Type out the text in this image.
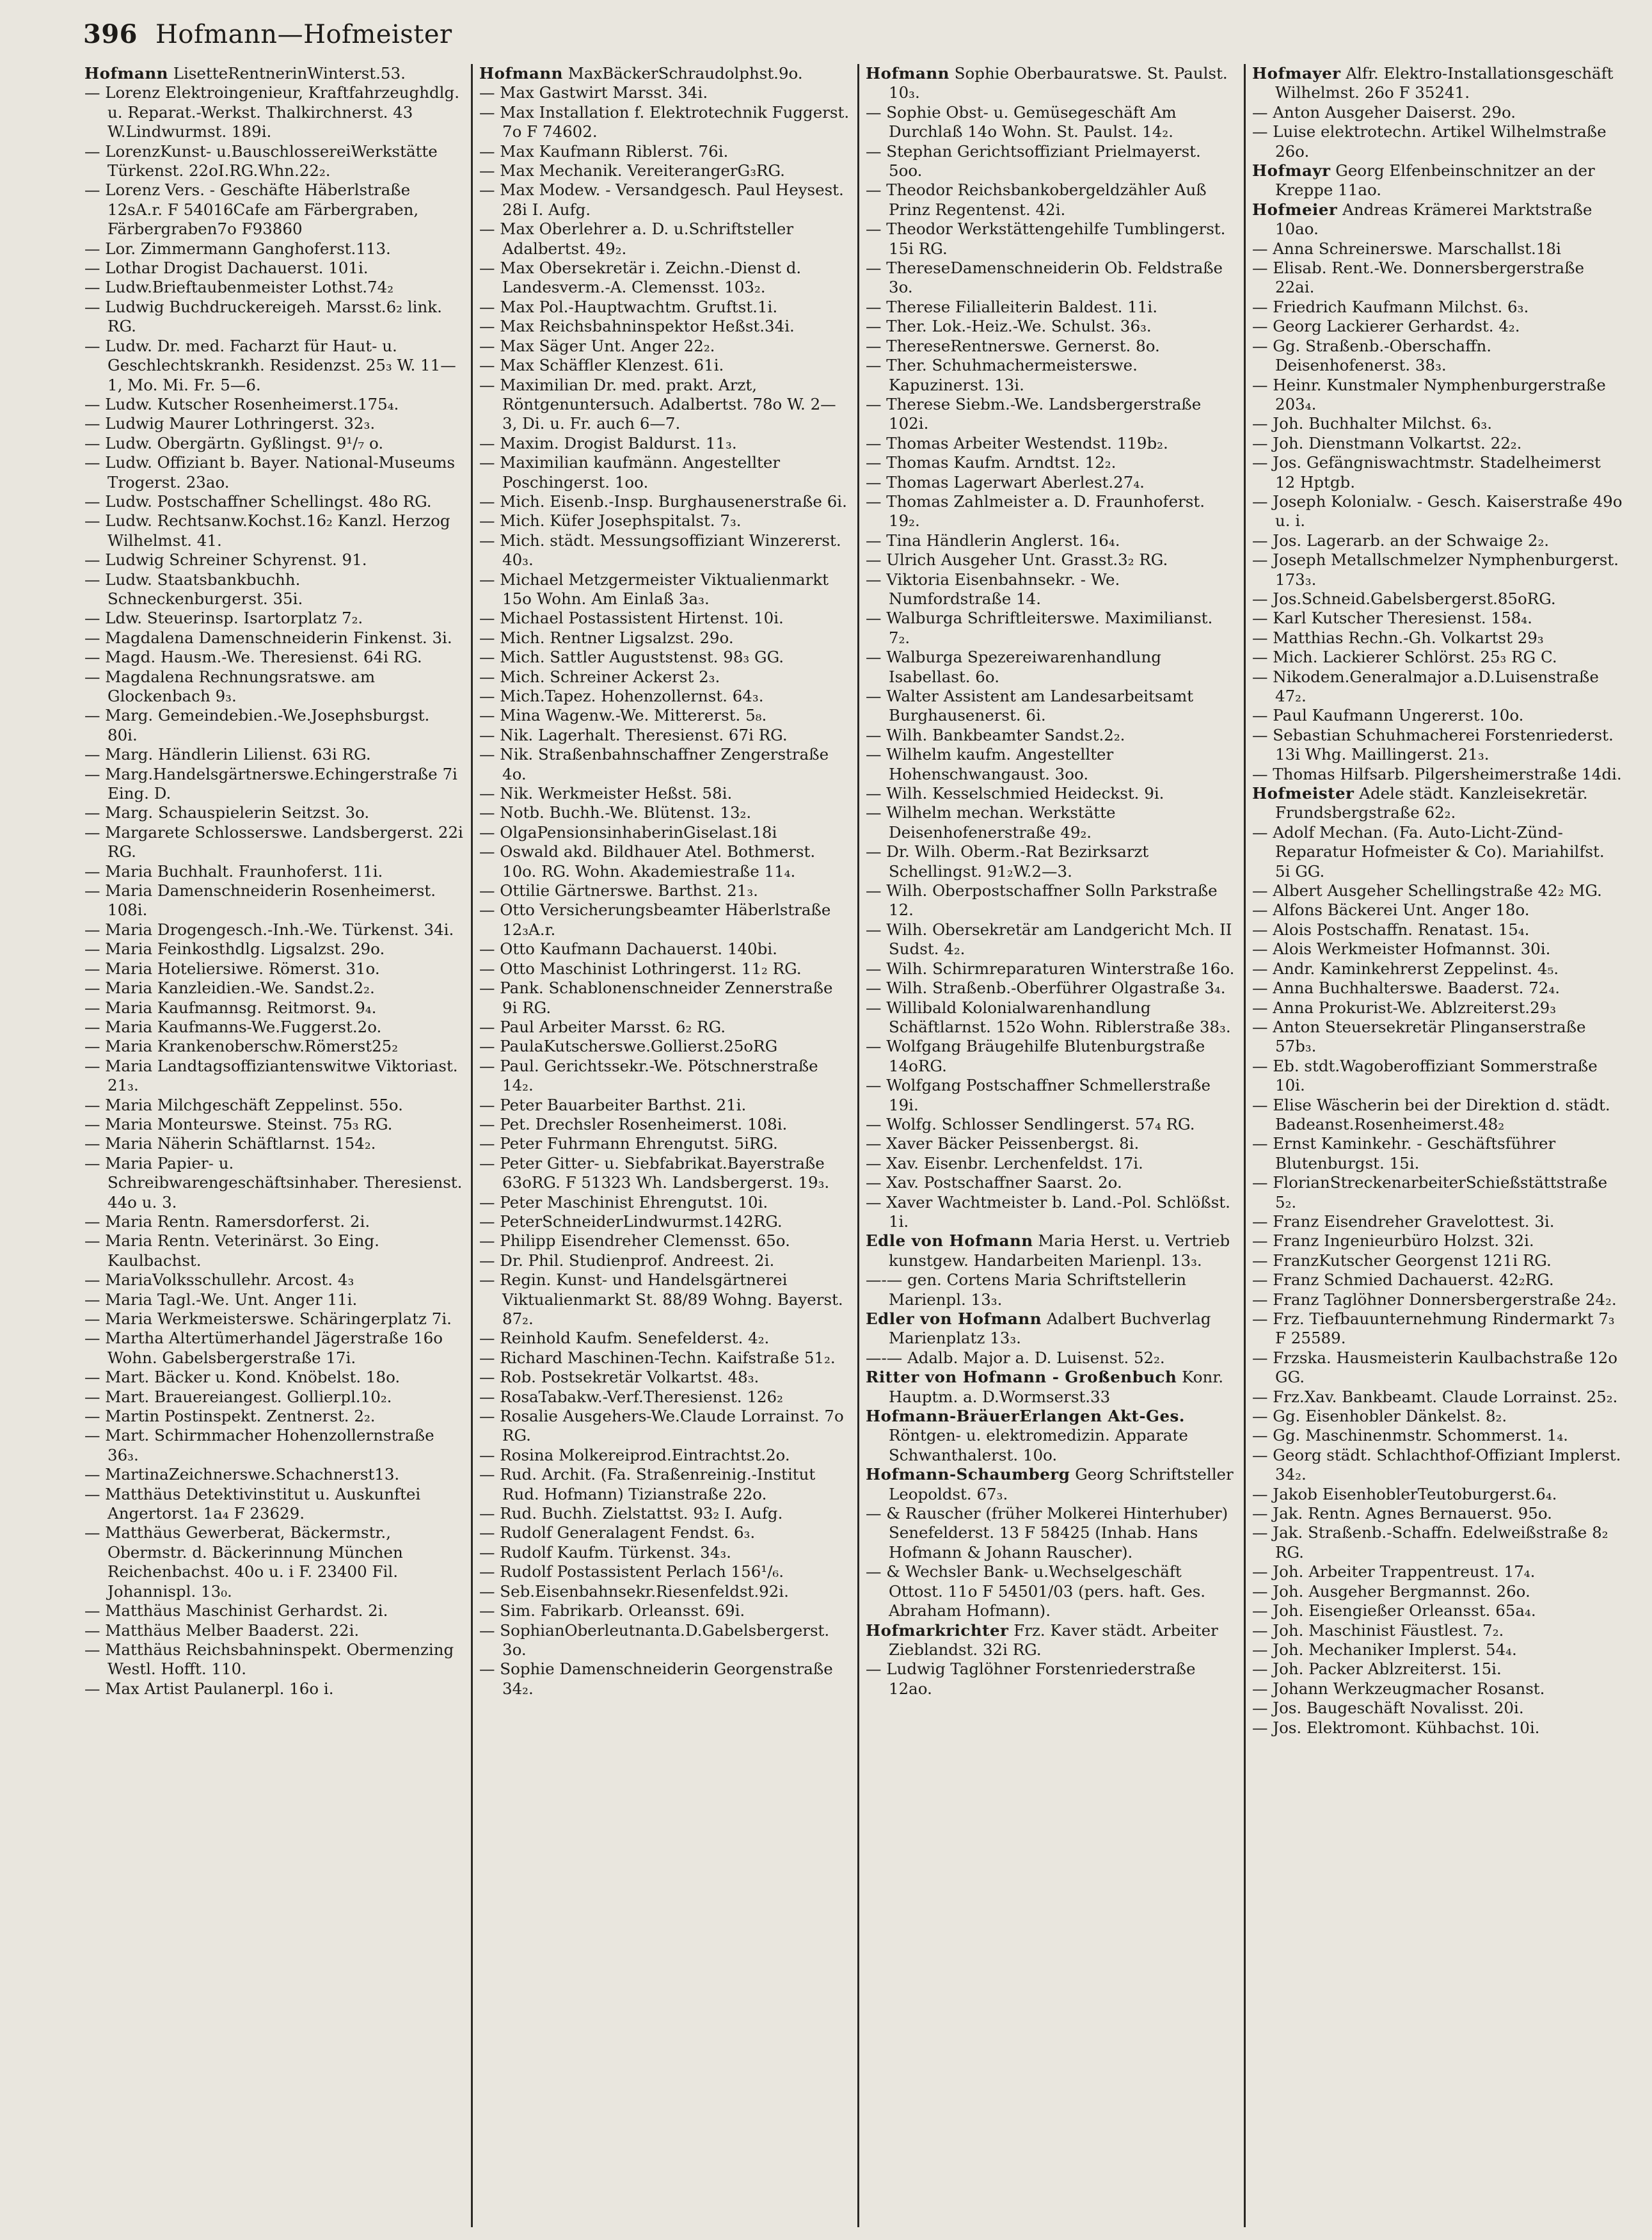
396 Hofmann—Hofmeister

Hofmann LisetteRentnerinWinterst.53.

— Lorenz Elektroingenieur, Kraftfahrzeughdlg. u. Reparat.-Werkst. Thalkirchnerst. 43 W.Lindwurmst. 189i.

— LorenzKunst- u.BauschlossereiWerkstätte Türkenst. 22oI.RG.Whn.22₂.

— Lorenz Vers. - Geschäfte Häberlstraße 12sA.r. F 54016Cafe am Färbergraben, Färbergraben7o F93860

— Lor. Zimmermann Ganghoferst.113.

— Lothar Drogist Dachauerst. 101i.

— Ludw.Brieftaubenmeister Lothst.74₂

— Ludwig Buchdruckereigeh. Marsst.6₂ link. RG.

— Ludw. Dr. med. Facharzt für Haut- u. Geschlechtskrankh. Residenzst. 25₃ W. 11—1, Mo. Mi. Fr. 5—6.

— Ludw. Kutscher Rosenheimerst.175₄.

— Ludwig Maurer Lothringerst. 32₃.

— Ludw. Obergärtn. Gyßlingst. 9¹/₇ o.

— Ludw. Offiziant b. Bayer. National-Museums Trogerst. 23ao.

— Ludw. Postschaffner Schellingst. 48o RG.

— Ludw. Rechtsanw.Kochst.16₂ Kanzl. Herzog Wilhelmst. 41.

— Ludwig Schreiner Schyrenst. 91.

— Ludw. Staatsbankbuchh. Schneckenburgerst. 35i.

— Ldw. Steuerinsp. Isartorplatz 7₂.

— Magdalena Damenschneiderin Finkenst. 3i.

— Magd. Hausm.-We. Theresienst. 64i RG.

— Magdalena Rechnungsratswe. am Glockenbach 9₃.

— Marg. Gemeindebien.-We.Josephsburgst. 80i.

— Marg. Händlerin Lilienst. 63i RG.

— Marg.Handelsgärtnerswe.Echingerstraße 7i Eing. D.

— Marg. Schauspielerin Seitzst. 3o.

— Margarete Schlosserswe. Landsbergerst. 22i RG.

— Maria Buchhalt. Fraunhoferst. 11i.

— Maria Damenschneiderin Rosenheimerst. 108i.

— Maria Drogengesch.-Inh.-We. Türkenst. 34i.

— Maria Feinkosthdlg. Ligsalzst. 29o.

— Maria Hoteliersiwe. Römerst. 31o.

— Maria Kanzleidien.-We. Sandst.2₂.

— Maria Kaufmannsg. Reitmorst. 9₄.

— Maria Kaufmanns-We.Fuggerst.2o.

— Maria Krankenoberschw.Römerst25₂

— Maria Landtagsoffiziantenswitwe Viktoriast. 21₃.

— Maria Milchgeschäft Zeppelinst. 55o.

— Maria Monteurswe. Steinst. 75₃ RG.

— Maria Näherin Schäftlarnst. 154₂.

— Maria Papier- u. Schreibwarengeschäftsinhaber. Theresienst. 44o u. 3.

— Maria Rentn. Ramersdorferst. 2i.

— Maria Rentn. Veterinärst. 3o Eing. Kaulbachst.

— MariaVolksschullehr. Arcost. 4₃

— Maria Tagl.-We. Unt. Anger 11i.

— Maria Werkmeisterswe. Schäringerplatz 7i.

— Martha Altertümerhandel Jägerstraße 16o Wohn. Gabelsbergerstraße 17i.

— Mart. Bäcker u. Kond. Knöbelst. 18o.

— Mart. Brauereiangest. Gollierpl.10₂.

— Martin Postinspekt. Zentnerst. 2₂.

— Mart. Schirmmacher Hohenzollernstraße 36₃.

— MartinaZeichnerswe.Schachnerst13.

— Matthäus Detektivinstitut u. Auskunftei Angertorst. 1a₄ F 23629.

— Matthäus Gewerberat, Bäckermstr., Obermstr. d. Bäckerinnung München Reichenbachst. 40o u. i F. 23400 Fil. Johannispl. 13₀.

— Matthäus Maschinist Gerhardst. 2i.

— Matthäus Melber Baaderst. 22i.

— Matthäus Reichsbahninspekt. Obermenzing Westl. Hofft. 110.

— Max Artist Paulanerpl. 16o i.

Hofmann MaxBäckerSchraudolphst.9o.

— Max Gastwirt Marsst. 34i.

— Max Installation f. Elektrotechnik Fuggerst. 7o F 74602.

— Max Kaufmann Riblerst. 76i.

— Max Mechanik. VereiterangerG₃RG.

— Max Modew. - Versandgesch. Paul Heysest. 28i I. Aufg.

— Max Oberlehrer a. D. u.Schriftsteller Adalbertst. 49₂.

— Max Obersekretär i. Zeichn.-Dienst d. Landesverm.-A. Clemensst. 103₂.

— Max Pol.-Hauptwachtm. Gruftst.1i.

— Max Reichsbahninspektor Heßst.34i.

— Max Säger Unt. Anger 22₂.

— Max Schäffler Klenzest. 61i.

— Maximilian Dr. med. prakt. Arzt, Röntgenuntersuch. Adalbertst. 78o W. 2—3, Di. u. Fr. auch 6—7.

— Maxim. Drogist Baldurst. 11₃.

— Maximilian kaufmänn. Angestellter Poschingerst. 1oo.

— Mich. Eisenb.-Insp. Burghausenerstraße 6i.

— Mich. Küfer Josephspitalst. 7₃.

— Mich. städt. Messungsoffiziant Winzererst. 40₃.

— Michael Metzgermeister Viktualienmarkt 15o Wohn. Am Einlaß 3a₃.

— Michael Postassistent Hirtenst. 10i.

— Mich. Rentner Ligsalzst. 29o.

— Mich. Sattler Auguststenst. 98₃ GG.

— Mich. Schreiner Ackerst 2₃.

— Mich.Tapez. Hohenzollernst. 64₃.

— Mina Wagenw.-We. Mittererst. 5₈.

— Nik. Lagerhalt. Theresienst. 67i RG.

— Nik. Straßenbahnschaffner Zengerstraße 4o.

— Nik. Werkmeister Heßst. 58i.

— Notb. Buchh.-We. Blütenst. 13₂.

— OlgaPensionsinhaberinGiselast.18i

— Oswald akd. Bildhauer Atel. Bothmerst. 10o. RG. Wohn. Akademiestraße 11₄.

— Ottilie Gärtnerswe. Barthst. 21₃.

— Otto Versicherungsbeamter Häberlstraße 12₃A.r.

— Otto Kaufmann Dachauerst. 140bi.

— Otto Maschinist Lothringerst. 11₂ RG.

— Pank. Schablonenschneider Zennerstraße 9i RG.

— Paul Arbeiter Marsst. 6₂ RG.

— PaulaKutscherswe.Gollierst.25oRG

— Paul. Gerichtssekr.-We. Pötschnerstraße 14₂.

— Peter Bauarbeiter Barthst. 21i.

— Pet. Drechsler Rosenheimerst. 108i.

— Peter Fuhrmann Ehrengutst. 5iRG.

— Peter Gitter- u. Siebfabrikat.Bayerstraße 63oRG. F 51323 Wh. Landsbergerst. 19₃.

— Peter Maschinist Ehrengutst. 10i.

— PeterSchneiderLindwurmst.142RG.

— Philipp Eisendreher Clemensst. 65o.

— Dr. Phil. Studienprof. Andreest. 2i.

— Regin. Kunst- und Handelsgärtnerei Viktualienmarkt St. 88/89 Wohng. Bayerst. 87₂.

— Reinhold Kaufm. Senefelderst. 4₂.

— Richard Maschinen-Techn. Kaifstraße 51₂.

— Rob. Postsekretär Volkartst. 48₃.

— RosaTabakw.-Verf.Theresienst. 126₂

— Rosalie Ausgehers-We.Claude Lorrainst. 7o RG.

— Rosina Molkereiprod.Eintrachtst.2o.

— Rud. Archit. (Fa. Straßenreinig.-Institut Rud. Hofmann) Tizianstraße 22o.

— Rud. Buchh. Zielstattst. 93₂ I. Aufg.

— Rudolf Generalagent Fendst. 6₃.

— Rudolf Kaufm. Türkenst. 34₃.

— Rudolf Postassistent Perlach 156¹/₆.

— Seb.Eisenbahnsekr.Riesenfeldst.92i.

— Sim. Fabrikarb. Orleansst. 69i.

— SophianOberleutnanta.D.Gabelsbergerst. 3o.

— Sophie Damenschneiderin Georgenstraße 34₂.

Hofmann Sophie Oberbauratswe. St. Paulst. 10₃.

— Sophie Obst- u. Gemüsegeschäft Am Durchlaß 14o Wohn. St. Paulst. 14₂.

— Stephan Gerichtsoffiziant Prielmayerst. 5oo.

— Theodor Reichsbankobergeldzähler Auß Prinz Regentenst. 42i.

— Theodor Werkstättengehilfe Tumblingerst. 15i RG.

— TheresеDamenschneiderin Ob. Feldstraße 3o.

— Therese Filialleiterin Baldest. 11i.

— Ther. Lok.-Heiz.-We. Schulst. 36₃.

— ThereseRentnerswe. Gernerst. 8o.

— Ther. Schuhmachermeisterswe. Kapuzinerst. 13i.

— Therese Siebm.-We. Landsbergerstraße 102i.

— Thomas Arbeiter Westendst. 119b₂.

— Thomas Kaufm. Arndtst. 12₂.

— Thomas Lagerwart Aberlest.27₄.

— Thomas Zahlmeister a. D. Fraunhoferst. 19₂.

— Tina Händlerin Anglerst. 16₄.

— Ulrich Ausgeher Unt. Grasst.3₂ RG.

— Viktoria Eisenbahnsekr. - We. Numfordstraße 14.

— Walburga Schriftleiterswe. Maximilianst. 7₂.

— Walburga Spezereiwarenhandlung Isabellast. 6o.

— Walter Assistent am Landesarbeitsamt Burghausenerst. 6i.

— Wilh. Bankbeamter Sandst.2₂.

— Wilhelm kaufm. Angestellter Hohenschwangaust. 3oo.

— Wilh. Kesselschmied Heideckst. 9i.

— Wilhelm mechan. Werkstätte Deisenhofenerstraße 49₂.

— Dr. Wilh. Oberm.-Rat Bezirksarzt Schellingst. 91₂W.2—3.

— Wilh. Oberpostschaffner Solln Parkstraße 12.

— Wilh. Obersekretär am Landgericht Mch. II Sudst. 4₂.

— Wilh. Schirmreparaturen Winterstraße 16o.

— Wilh. Straßenb.-Oberführer Olgastraße 3₄.

— Willibald Kolonialwarenhandlung Schäftlarnst. 152o Wohn. Riblerstraße 38₃.

— Wolfgang Bräugehilfe Blutenburgstraße 14oRG.

— Wolfgang Postschaffner Schmellerstraße 19i.

— Wolfg. Schlosser Sendlingerst. 57₄ RG.

— Xaver Bäcker Peissenbergst. 8i.

— Xav. Eisenbr. Lerchenfeldst. 17i.

— Xav. Postschaffner Saarst. 2o.

— Xaver Wachtmeister b. Land.-Pol. Schlößst. 1i.

Edle von Hofmann Maria Herst. u. Vertrieb kunstgew. Handarbeiten Marienpl. 13₃.

—-— gen. Cortens Maria Schriftstellerin Marienpl. 13₃.

Edler von Hofmann Adalbert Buchverlag Marienplatz 13₃.

—-— Adalb. Major a. D. Luisenst. 52₂.

Ritter von Hofmann - Großenbuch Konr. Hauptm. a. D.Wormserst.33

Hofmann-BräuerErlangen Akt-Ges. Röntgen- u. elektromedizin. Apparate Schwanthalerst. 10o.

Hofmann-Schaumberg Georg Schriftsteller Leopoldst. 67₃.

— & Rauscher (früher Molkerei Hinterhuber) Senefelderst. 13 F 58425 (Inhab. Hans Hofmann & Johann Rauscher).

— & Wechsler Bank- u.Wechselgeschäft Ottost. 11o F 54501/03 (pers. haft. Ges. Abraham Hofmann).

Hofmarkrichter Frz. Kaver städt. Arbeiter Zieblandst. 32i RG.

— Ludwig Taglöhner Forstenriederstraße 12ao.

Hofmayer Alfr. Elektro-Installationsgeschäft Wilhelmst. 26o F 35241.

— Anton Ausgeher Daiserst. 29o.

— Luise elektrotechn. Artikel Wilhelmstraße 26o.

Hofmayr Georg Elfenbeinschnitzer an der Kreppe 11ao.

Hofmeier Andreas Krämerei Marktstraße 10ao.

— Anna Schreinerswe. Marschallst.18i

— Elisab. Rent.-We. Donnersbergerstraße 22ai.

— Friedrich Kaufmann Milchst. 6₃.

— Georg Lackierer Gerhardst. 4₂.

— Gg. Straßenb.-Oberschaffn. Deisenhofenerst. 38₃.

— Heinr. Kunstmaler Nymphenburgerstraße 203₄.

— Joh. Buchhalter Milchst. 6₃.

— Joh. Dienstmann Volkartst. 22₂.

— Jos. Gefängniswachtmstr. Stadelheimerst 12 Hptgb.

— Joseph Kolonialw. - Gesch. Kaiserstraße 49o u. i.

— Jos. Lagerarb. an der Schwaige 2₂.

— Joseph Metallschmelzer Nymphenburgerst. 173₃.

— Jos.Schneid.Gabelsbergerst.85oRG.

— Karl Kutscher Theresienst. 158₄.

— Matthias Rechn.-Gh. Volkartst 29₃

— Mich. Lackierer Schlörst. 25₃ RG C.

— Nikodem.Generalmajor a.D.Luisenstraße 47₂.

— Paul Kaufmann Ungererst. 10o.

— Sebastian Schuhmacherei Forstenriederst. 13i Whg. Maillingerst. 21₃.

— Thomas Hilfsarb. Pilgersheimerstraße 14di.

Hofmeister Adele städt. Kanzleisekretär. Frundsbergstraße 62₂.

— Adolf Mechan. (Fa. Auto-Licht-Zünd-Reparatur Hofmeister & Co). Mariahilfst. 5i GG.

— Albert Ausgeher Schellingstraße 42₂ MG.

— Alfons Bäckerei Unt. Anger 18o.

— Alois Postschaffn. Renatast. 15₄.

— Alois Werkmeister Hofmannst. 30i.

— Andr. Kaminkehrerst Zeppelinst. 4₅.

— Anna Buchhalterswe. Baaderst. 72₄.

— Anna Prokurist-We. Ablzreiterst.29₃

— Anton Steuersekretär Plinganserstraße 57b₃.

— Eb. stdt.Wagoberoffiziant Sommerstraße 10i.

— Elise Wäscherin bei der Direktion d. städt. Badeanst.Rosenheimerst.48₂

— Ernst Kaminkehr. - Geschäftsführer Blutenburgst. 15i.

— FlorianStreckenarbeiterSchießstättstraße 5₂.

— Franz Eisendreher Gravelottest. 3i.

— Franz Ingenieurbüro Holzst. 32i.

— FranzKutscher Georgenst 121i RG.

— Franz Schmied Dachauerst. 42₂RG.

— Franz Taglöhner Donnersbergerstraße 24₂.

— Frz. Tiefbauunternehmung Rindermarkt 7₃ F 25589.

— Frzska. Hausmeisterin Kaulbachstraße 12o GG.

— Frz.Xav. Bankbeamt. Claude Lorrainst. 25₂.

— Gg. Eisenhobler Dänkelst. 8₂.

— Gg. Maschinenmstr. Schommerst. 1₄.

— Georg städt. Schlachthof-Offiziant Implerst. 34₂.

— Jakob EisenhoblerTeutoburgerst.6₄.

— Jak. Rentn. Agnes Bernauerst. 95o.

— Jak. Straßenb.-Schaffn. Edelweißstraße 8₂ RG.

— Joh. Arbeiter Trappentreust. 17₄.

— Joh. Ausgeher Bergmannst. 26o.

— Joh. Eisengießer Orleansst. 65a₄.

— Joh. Maschinist Fäustlest. 7₂.

— Joh. Mechaniker Implerst. 54₄.

— Joh. Packer Ablzreiterst. 15i.

— Johann Werkzeugmacher Rosanst.

— Jos. Baugeschäft Novalisst. 20i.

— Jos. Elektromont. Kühbachst. 10i.
